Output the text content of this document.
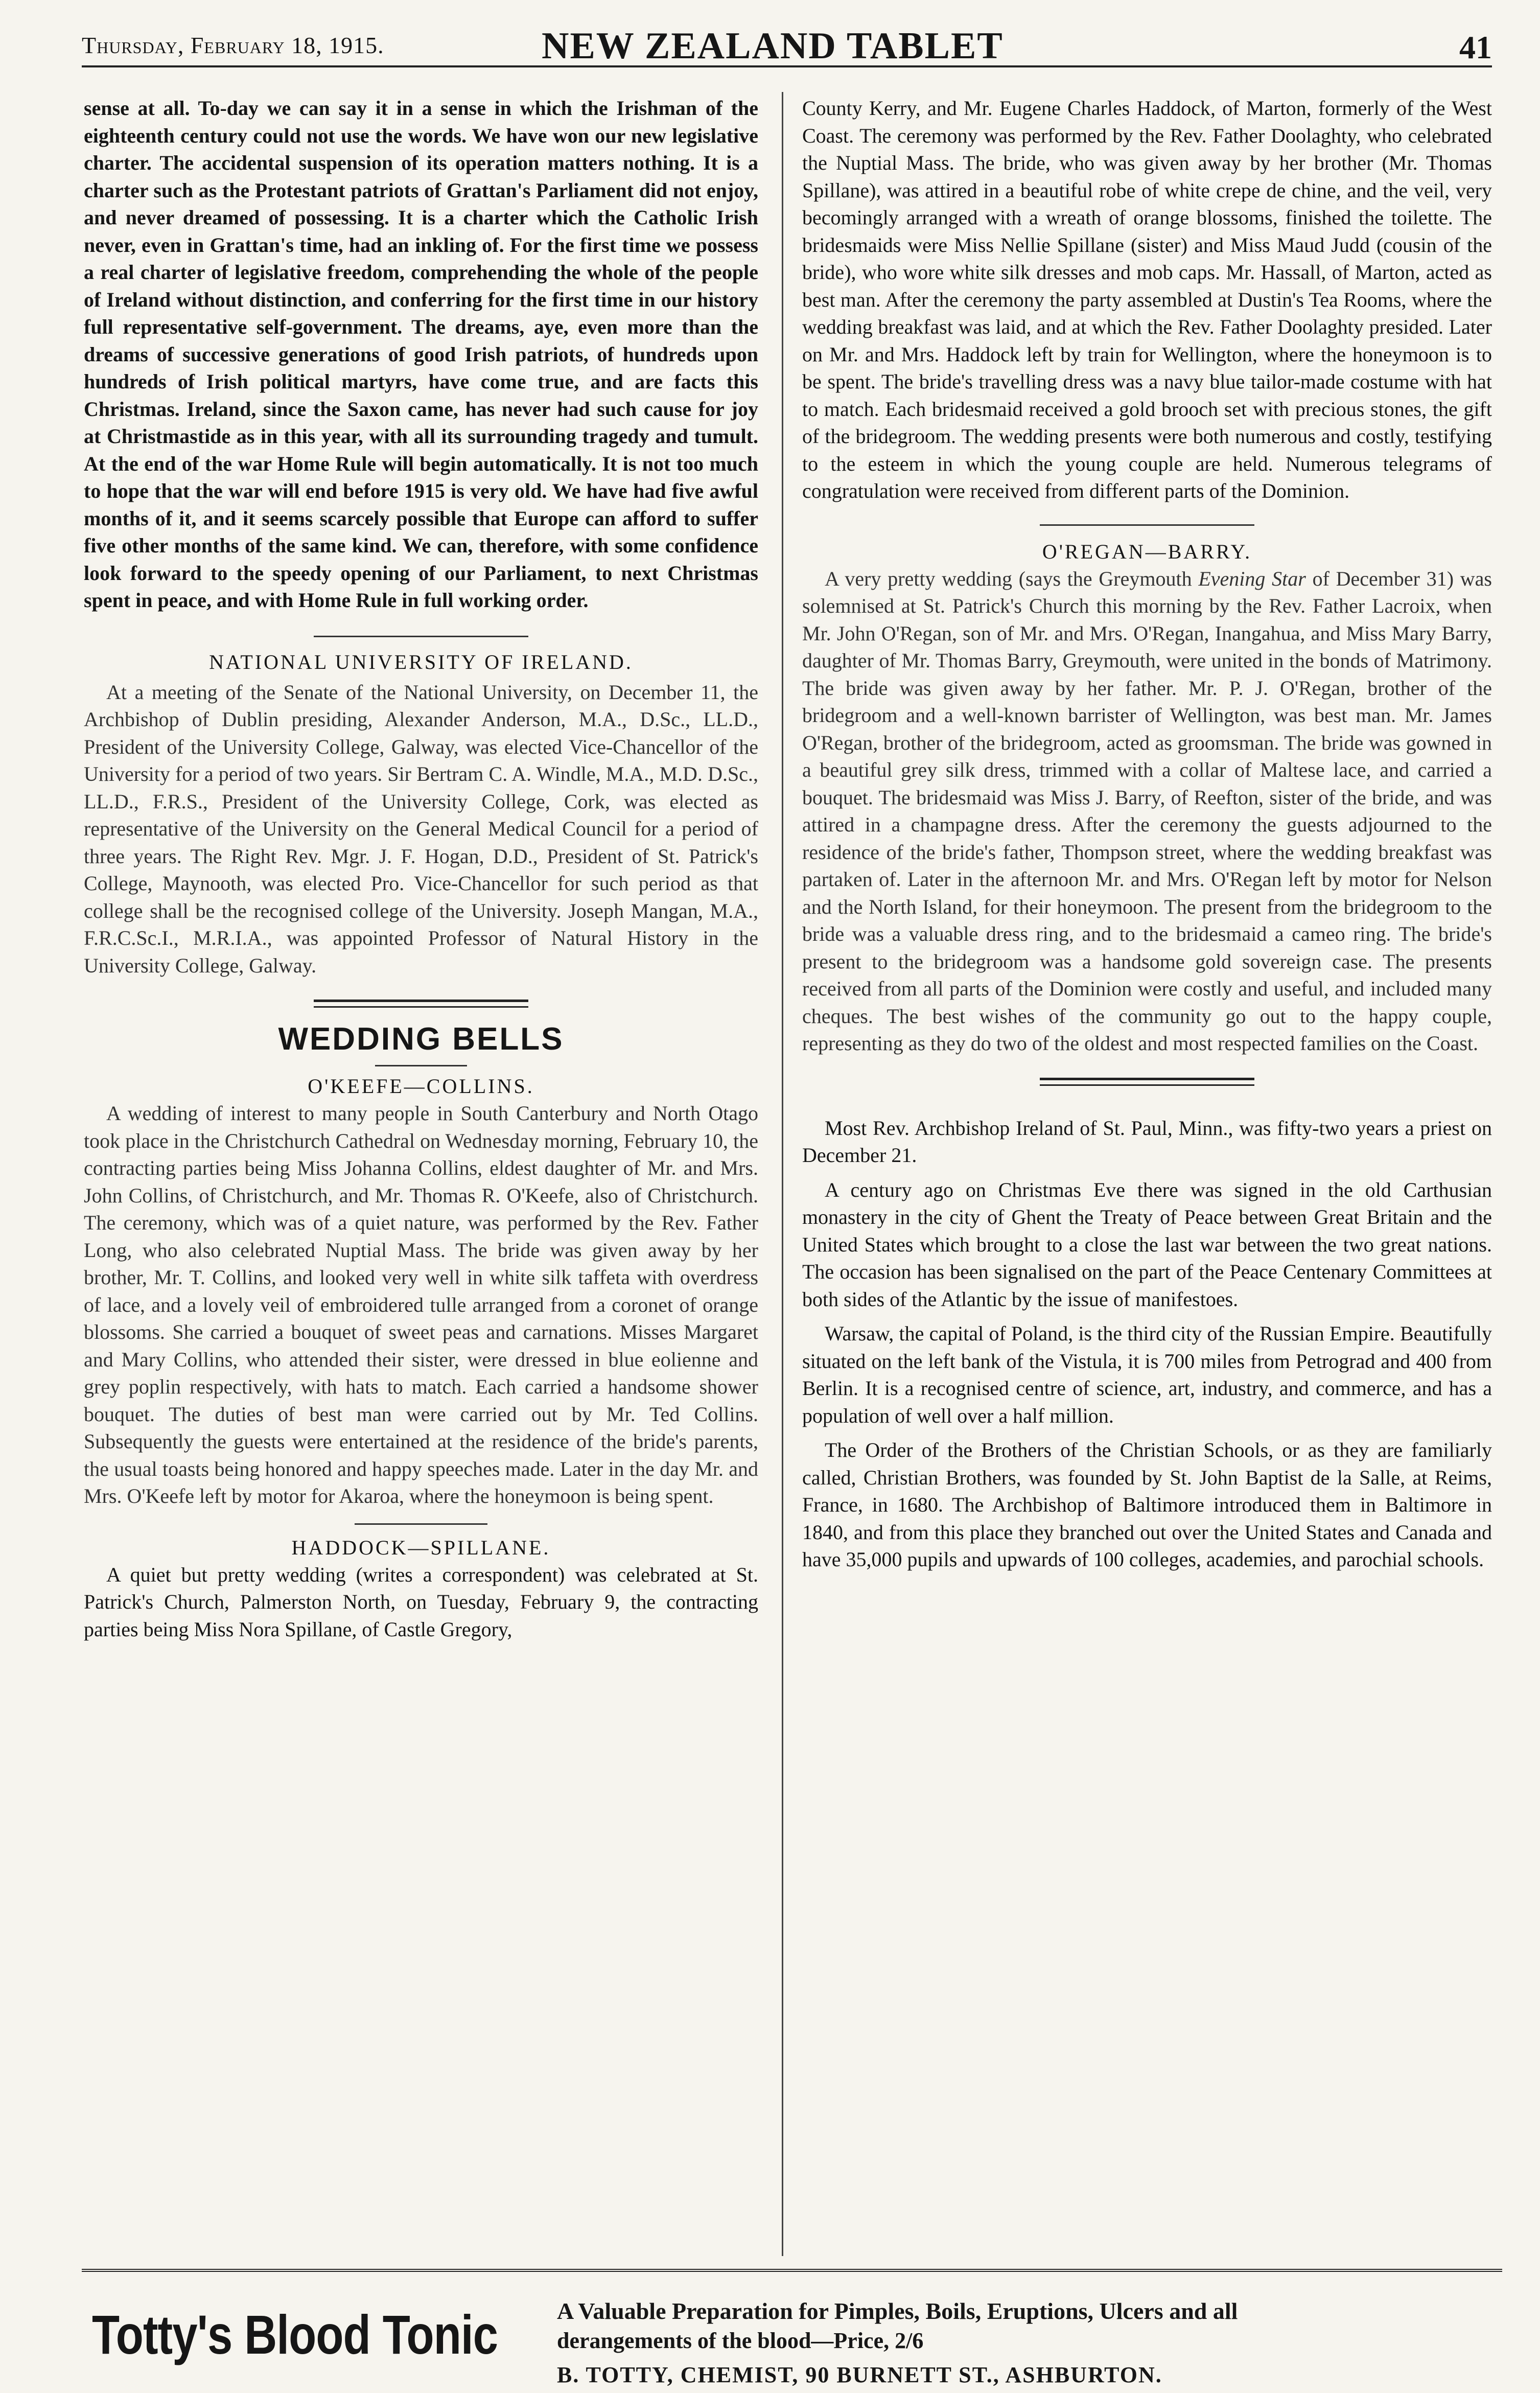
Thursday, February 18, 1915.	NEW ZEALAND TABLET	41

sense at all. To-day we can say it in a sense in which the Irishman of the eighteenth century could not use the words. We have won our new legislative charter. The accidental suspension of its operation matters nothing. It is a charter such as the Protestant patriots of Grattan's Parliament did not enjoy, and never dreamed of possessing. It is a charter which the Catholic Irish never, even in Grattan's time, had an inkling of. For the first time we possess a real charter of legislative freedom, comprehending the whole of the people of Ireland without distinction, and conferring for the first time in our history full representative self-government. The dreams, aye, even more than the dreams of successive generations of good Irish patriots, of hundreds upon hundreds of Irish political martyrs, have come true, and are facts this Christmas. Ireland, since the Saxon came, has never had such cause for joy at Christmastide as in this year, with all its surrounding tragedy and tumult. At the end of the war Home Rule will begin automatically. It is not too much to hope that the war will end before 1915 is very old. We have had five awful months of it, and it seems scarcely possible that Europe can afford to suffer five other months of the same kind. We can, therefore, with some confidence look forward to the speedy opening of our Parliament, to next Christmas spent in peace, and with Home Rule in full working order.

NATIONAL UNIVERSITY OF IRELAND.

At a meeting of the Senate of the National University, on December 11, the Archbishop of Dublin presiding, Alexander Anderson, M.A., D.Sc., LL.D., President of the University College, Galway, was elected Vice-Chancellor of the University for a period of two years. Sir Bertram C. A. Windle, M.A., M.D. D.Sc., LL.D., F.R.S., President of the University College, Cork, was elected as representative of the University on the General Medical Council for a period of three years. The Right Rev. Mgr. J. F. Hogan, D.D., President of St. Patrick's College, Maynooth, was elected Pro. Vice-Chancellor for such period as that college shall be the recognised college of the University. Joseph Mangan, M.A., F.R.C.Sc.I., M.R.I.A., was appointed Professor of Natural History in the University College, Galway.

WEDDING BELLS
O'KEEFE—COLLINS.

A wedding of interest to many people in South Canterbury and North Otago took place in the Christchurch Cathedral on Wednesday morning, February 10, the contracting parties being Miss Johanna Collins, eldest daughter of Mr. and Mrs. John Collins, of Christchurch, and Mr. Thomas R. O'Keefe, also of Christchurch. The ceremony, which was of a quiet nature, was performed by the Rev. Father Long, who also celebrated Nuptial Mass. The bride was given away by her brother, Mr. T. Collins, and looked very well in white silk taffeta with overdress of lace, and a lovely veil of embroidered tulle arranged from a coronet of orange blossoms. She carried a bouquet of sweet peas and carnations. Misses Margaret and Mary Collins, who attended their sister, were dressed in blue eolienne and grey poplin respectively, with hats to match. Each carried a handsome shower bouquet. The duties of best man were carried out by Mr. Ted Collins. Subsequently the guests were entertained at the residence of the bride's parents, the usual toasts being honored and happy speeches made. Later in the day Mr. and Mrs. O'Keefe left by motor for Akaroa, where the honeymoon is being spent.

HADDOCK—SPILLANE.

A quiet but pretty wedding (writes a correspondent) was celebrated at St. Patrick's Church, Palmerston North, on Tuesday, February 9, the contracting parties being Miss Nora Spillane, of Castle Gregory,

County Kerry, and Mr. Eugene Charles Haddock, of Marton, formerly of the West Coast. The ceremony was performed by the Rev. Father Doolaghty, who celebrated the Nuptial Mass. The bride, who was given away by her brother (Mr. Thomas Spillane), was attired in a beautiful robe of white crepe de chine, and the veil, very becomingly arranged with a wreath of orange blossoms, finished the toilette. The bridesmaids were Miss Nellie Spillane (sister) and Miss Maud Judd (cousin of the bride), who wore white silk dresses and mob caps. Mr. Hassall, of Marton, acted as best man. After the ceremony the party assembled at Dustin's Tea Rooms, where the wedding breakfast was laid, and at which the Rev. Father Doolaghty presided. Later on Mr. and Mrs. Haddock left by train for Wellington, where the honeymoon is to be spent. The bride's travelling dress was a navy blue tailor-made costume with hat to match. Each bridesmaid received a gold brooch set with precious stones, the gift of the bridegroom. The wedding presents were both numerous and costly, testifying to the esteem in which the young couple are held. Numerous telegrams of congratulation were received from different parts of the Dominion.

O'REGAN—BARRY.

A very pretty wedding (says the Greymouth Evening Star of December 31) was solemnised at St. Patrick's Church this morning by the Rev. Father Lacroix, when Mr. John O'Regan, son of Mr. and Mrs. O'Regan, Inangahua, and Miss Mary Barry, daughter of Mr. Thomas Barry, Greymouth, were united in the bonds of Matrimony. The bride was given away by her father. Mr. P. J. O'Regan, brother of the bridegroom and a well-known barrister of Wellington, was best man. Mr. James O'Regan, brother of the bridegroom, acted as groomsman. The bride was gowned in a beautiful grey silk dress, trimmed with a collar of Maltese lace, and carried a bouquet. The bridesmaid was Miss J. Barry, of Reefton, sister of the bride, and was attired in a champagne dress. After the ceremony the guests adjourned to the residence of the bride's father, Thompson street, where the wedding breakfast was partaken of. Later in the afternoon Mr. and Mrs. O'Regan left by motor for Nelson and the North Island, for their honeymoon. The present from the bridegroom to the bride was a valuable dress ring, and to the bridesmaid a cameo ring. The bride's present to the bridegroom was a handsome gold sovereign case. The presents received from all parts of the Dominion were costly and useful, and included many cheques. The best wishes of the community go out to the happy couple, representing as they do two of the oldest and most respected families on the Coast.

Most Rev. Archbishop Ireland of St. Paul, Minn., was fifty-two years a priest on December 21.

A century ago on Christmas Eve there was signed in the old Carthusian monastery in the city of Ghent the Treaty of Peace between Great Britain and the United States which brought to a close the last war between the two great nations. The occasion has been signalised on the part of the Peace Centenary Committees at both sides of the Atlantic by the issue of manifestoes.

Warsaw, the capital of Poland, is the third city of the Russian Empire. Beautifully situated on the left bank of the Vistula, it is 700 miles from Petrograd and 400 from Berlin. It is a recognised centre of science, art, industry, and commerce, and has a population of well over a half million.

The Order of the Brothers of the Christian Schools, or as they are familiarly called, Christian Brothers, was founded by St. John Baptist de la Salle, at Reims, France, in 1680. The Archbishop of Baltimore introduced them in Baltimore in 1840, and from this place they branched out over the United States and Canada and have 35,000 pupils and upwards of 100 colleges, academies, and parochial schools.

Totty's Blood Tonic	A Valuable Preparation for Pimples, Boils, Eruptions, Ulcers and all
derangements of the blood—Price, 2/6
B. TOTTY, CHEMIST, 90 BURNETT ST., ASHBURTON.
